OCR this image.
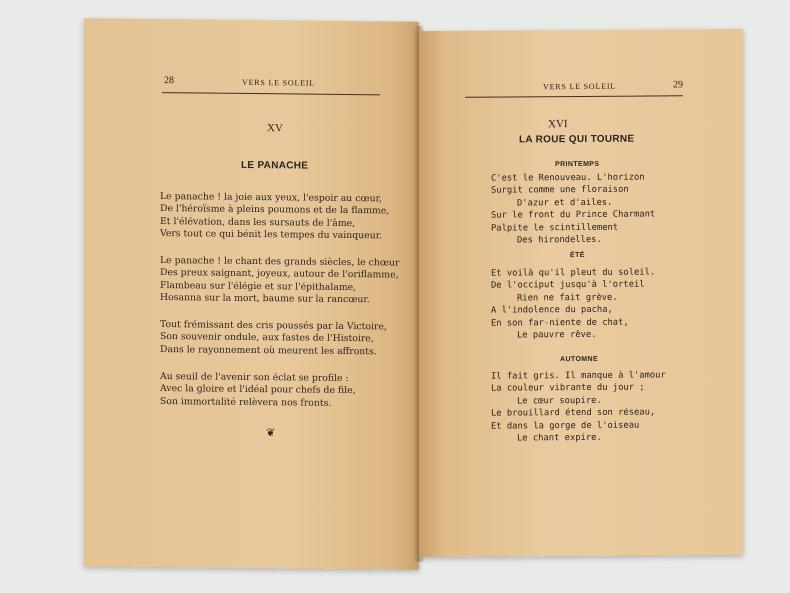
28	VERS LE SOLEIL
XV
LE PANACHE
Le panache ! la joie aux yeux, l'espoir au cœur,
De l'héroïsme à pleins poumons et de la flamme,
Et l'élévation, dans les sursauts de l'âme,
Vers tout ce qui bénit les tempes du vainqueur.
Le panache ! le chant des grands siècles, le chœur
Des preux saignant, joyeux, autour de l'oriflamme,
Flambeau sur l'élégie et sur l'épithalame,
Hosanna sur la mort, baume sur la rancœur.
Tout frémissant des cris poussés par la Victoire,
Son souvenir ondule, aux fastes de l'Histoire,
Dans le rayonnement où meurent les affronts.
Au seuil de l'avenir son éclat se profile :
Avec la gloire et l'idéal pour chefs de file,
Son immortalité relèvera nos fronts.
❦
VERS LE SOLEIL	29
XVI
LA ROUE QUI TOURNE
PRINTEMPS
C'est le Renouveau. L'horizon
Surgit comme une floraison
D'azur et d'ailes.
Sur le front du Prince Charmant
Palpite le scintillement
Des hirondelles.
ÉTÉ
Et voilà qu'il pleut du soleil.
De l'occiput jusqu'à l'orteil
Rien ne fait grève.
A l'indolence du pacha,
En son far-niente de chat,
Le pauvre rêve.
AUTOMNE
Il fait gris. Il manque à l'amour
La couleur vibrante du jour ;
Le cœur soupire.
Le brouillard étend son réseau,
Et dans la gorge de l'oiseau
Le chant expire.
